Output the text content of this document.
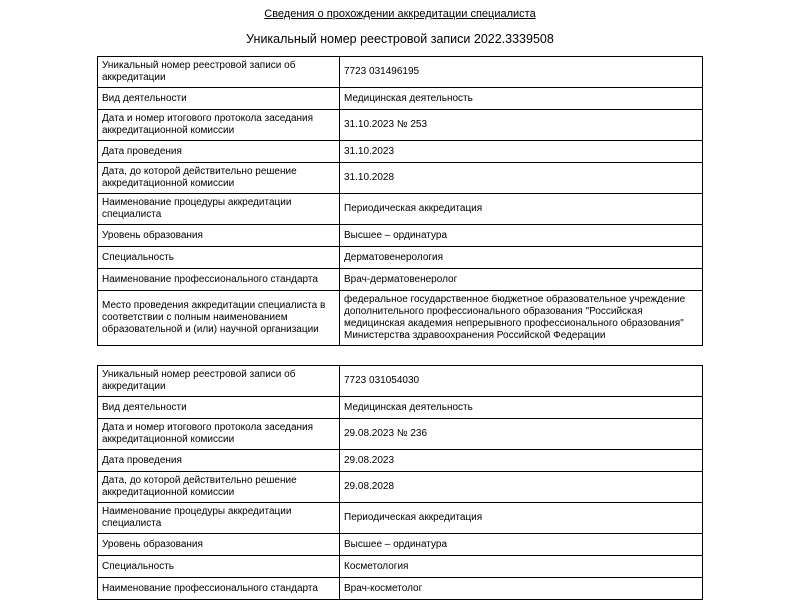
Сведения о прохождении аккредитации специалиста
Уникальный номер реестровой записи 2022.3339508
Уникальный номер реестровой записи об аккредитации	7723 031496195
Вид деятельности	Медицинская деятельность
Дата и номер итогового протокола заседания аккредитационной комиссии	31.10.2023 № 253
Дата проведения	31.10.2023
Дата, до которой действительно решение аккредитационной комиссии	31.10.2028
Наименование процедуры аккредитации специалиста	Периодическая аккредитация
Уровень образования	Высшее – ординатура
Специальность	Дерматовенерология
Наименование профессионального стандарта	Врач-дерматовенеролог
Место проведения аккредитации специалиста в соответствии с полным наименованием образовательной и (или) научной организации	федеральное государственное бюджетное образовательное учреждение дополнительного профессионального образования "Российская медицинская академия непрерывного профессионального образования" Министерства здравоохранения Российской Федерации
Уникальный номер реестровой записи об аккредитации	7723 031054030
Вид деятельности	Медицинская деятельность
Дата и номер итогового протокола заседания аккредитационной комиссии	29.08.2023 № 236
Дата проведения	29.08.2023
Дата, до которой действительно решение аккредитационной комиссии	29.08.2028
Наименование процедуры аккредитации специалиста	Периодическая аккредитация
Уровень образования	Высшее – ординатура
Специальность	Косметология
Наименование профессионального стандарта	Врач-косметолог
